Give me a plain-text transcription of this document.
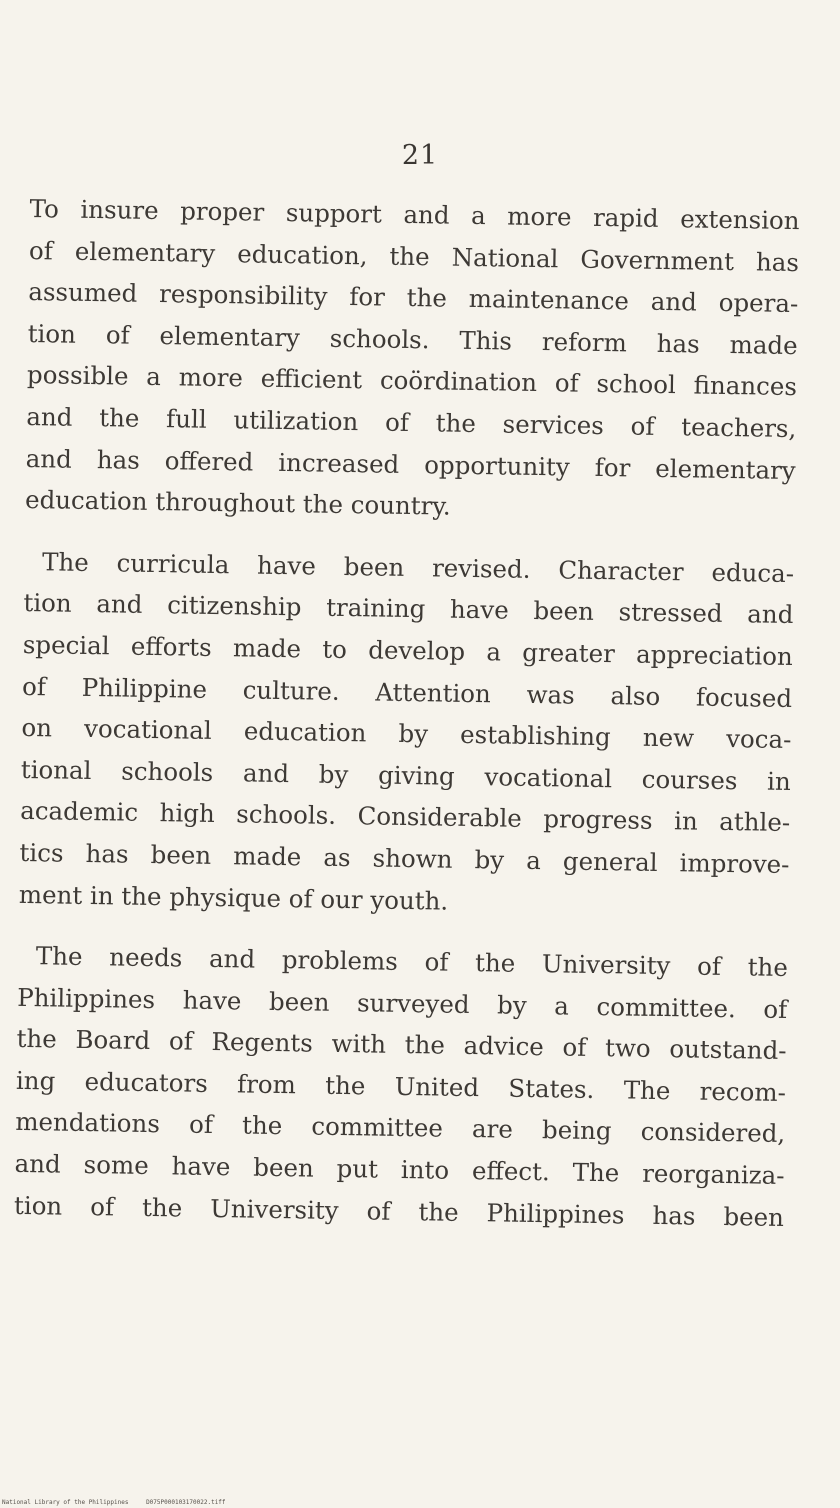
21

To insure proper support and a more rapid extension
of elementary education, the National Government has
assumed responsibility for the maintenance and opera-
tion of elementary schools. This reform has made
possible a more efficient coördination of school finances
and the full utilization of the services of teachers,
and has offered increased opportunity for elementary
education throughout the country.

The curricula have been revised. Character educa-
tion and citizenship training have been stressed and
special efforts made to develop a greater appreciation
of Philippine culture. Attention was also focused
on vocational education by establishing new voca-
tional schools and by giving vocational courses in
academic high schools. Considerable progress in athle-
tics has been made as shown by a general improve-
ment in the physique of our youth.

The needs and problems of the University of the
Philippines have been surveyed by a committee. of
the Board of Regents with the advice of two outstand-
ing educators from the United States. The recom-
mendations of the committee are being considered,
and some have been put into effect. The reorganiza-
tion of the University of the Philippines has been

National Library of the Philippines	D075P000103170022.tiff
